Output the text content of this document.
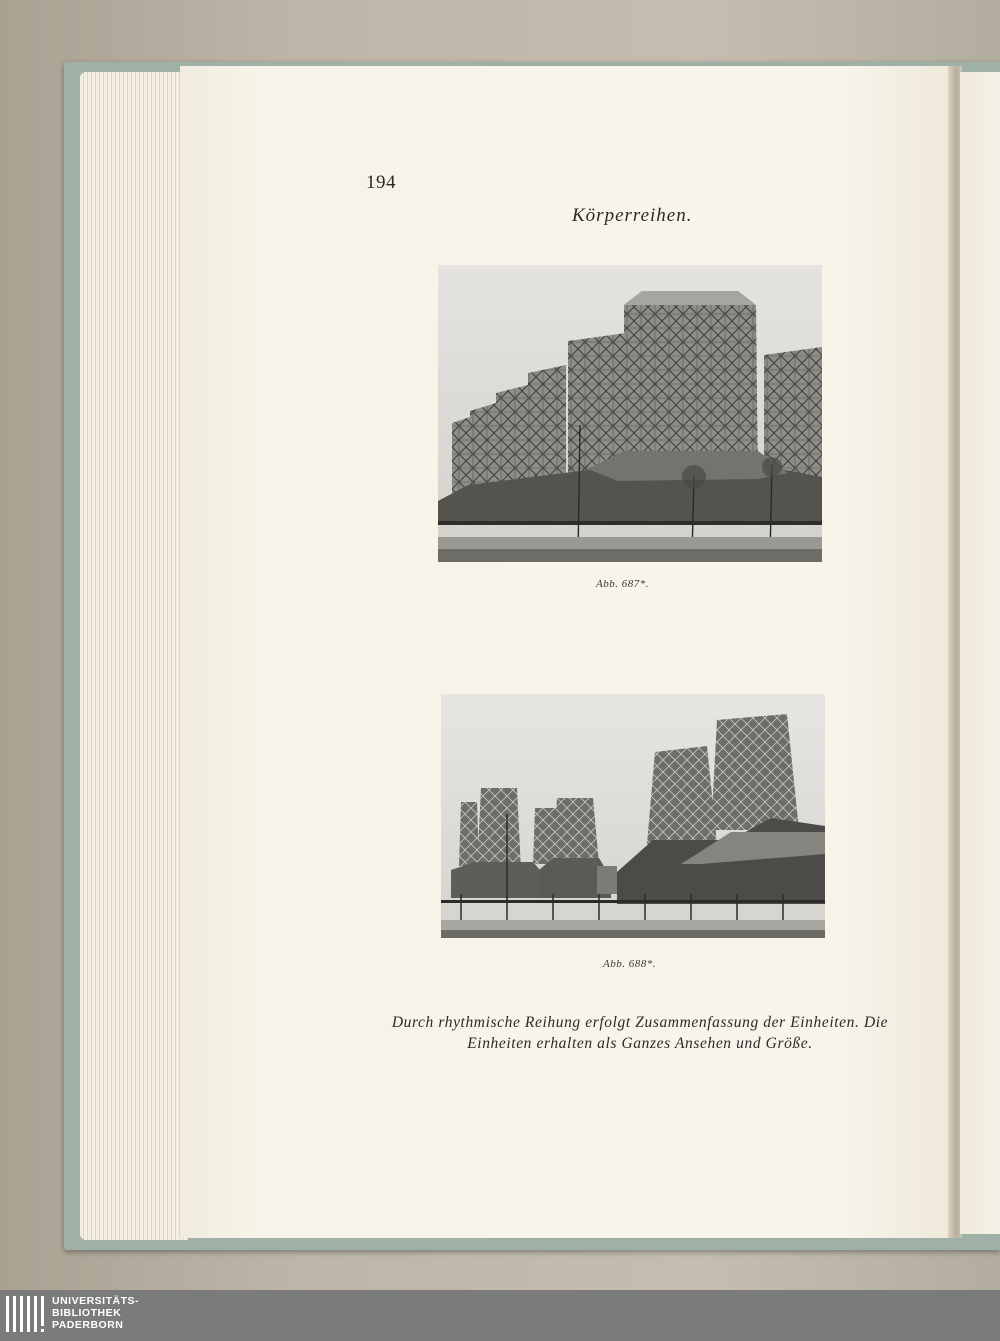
194
Körperreihen.
Abb. 687*.
Abb. 688*.
Durch rhythmische Reihung erfolgt Zusammenfassung der Einheiten. Die Einheiten erhalten als Ganzes Ansehen und Größe.
UNIVERSITÄTS-
BIBLIOTHEK
PADERBORN
